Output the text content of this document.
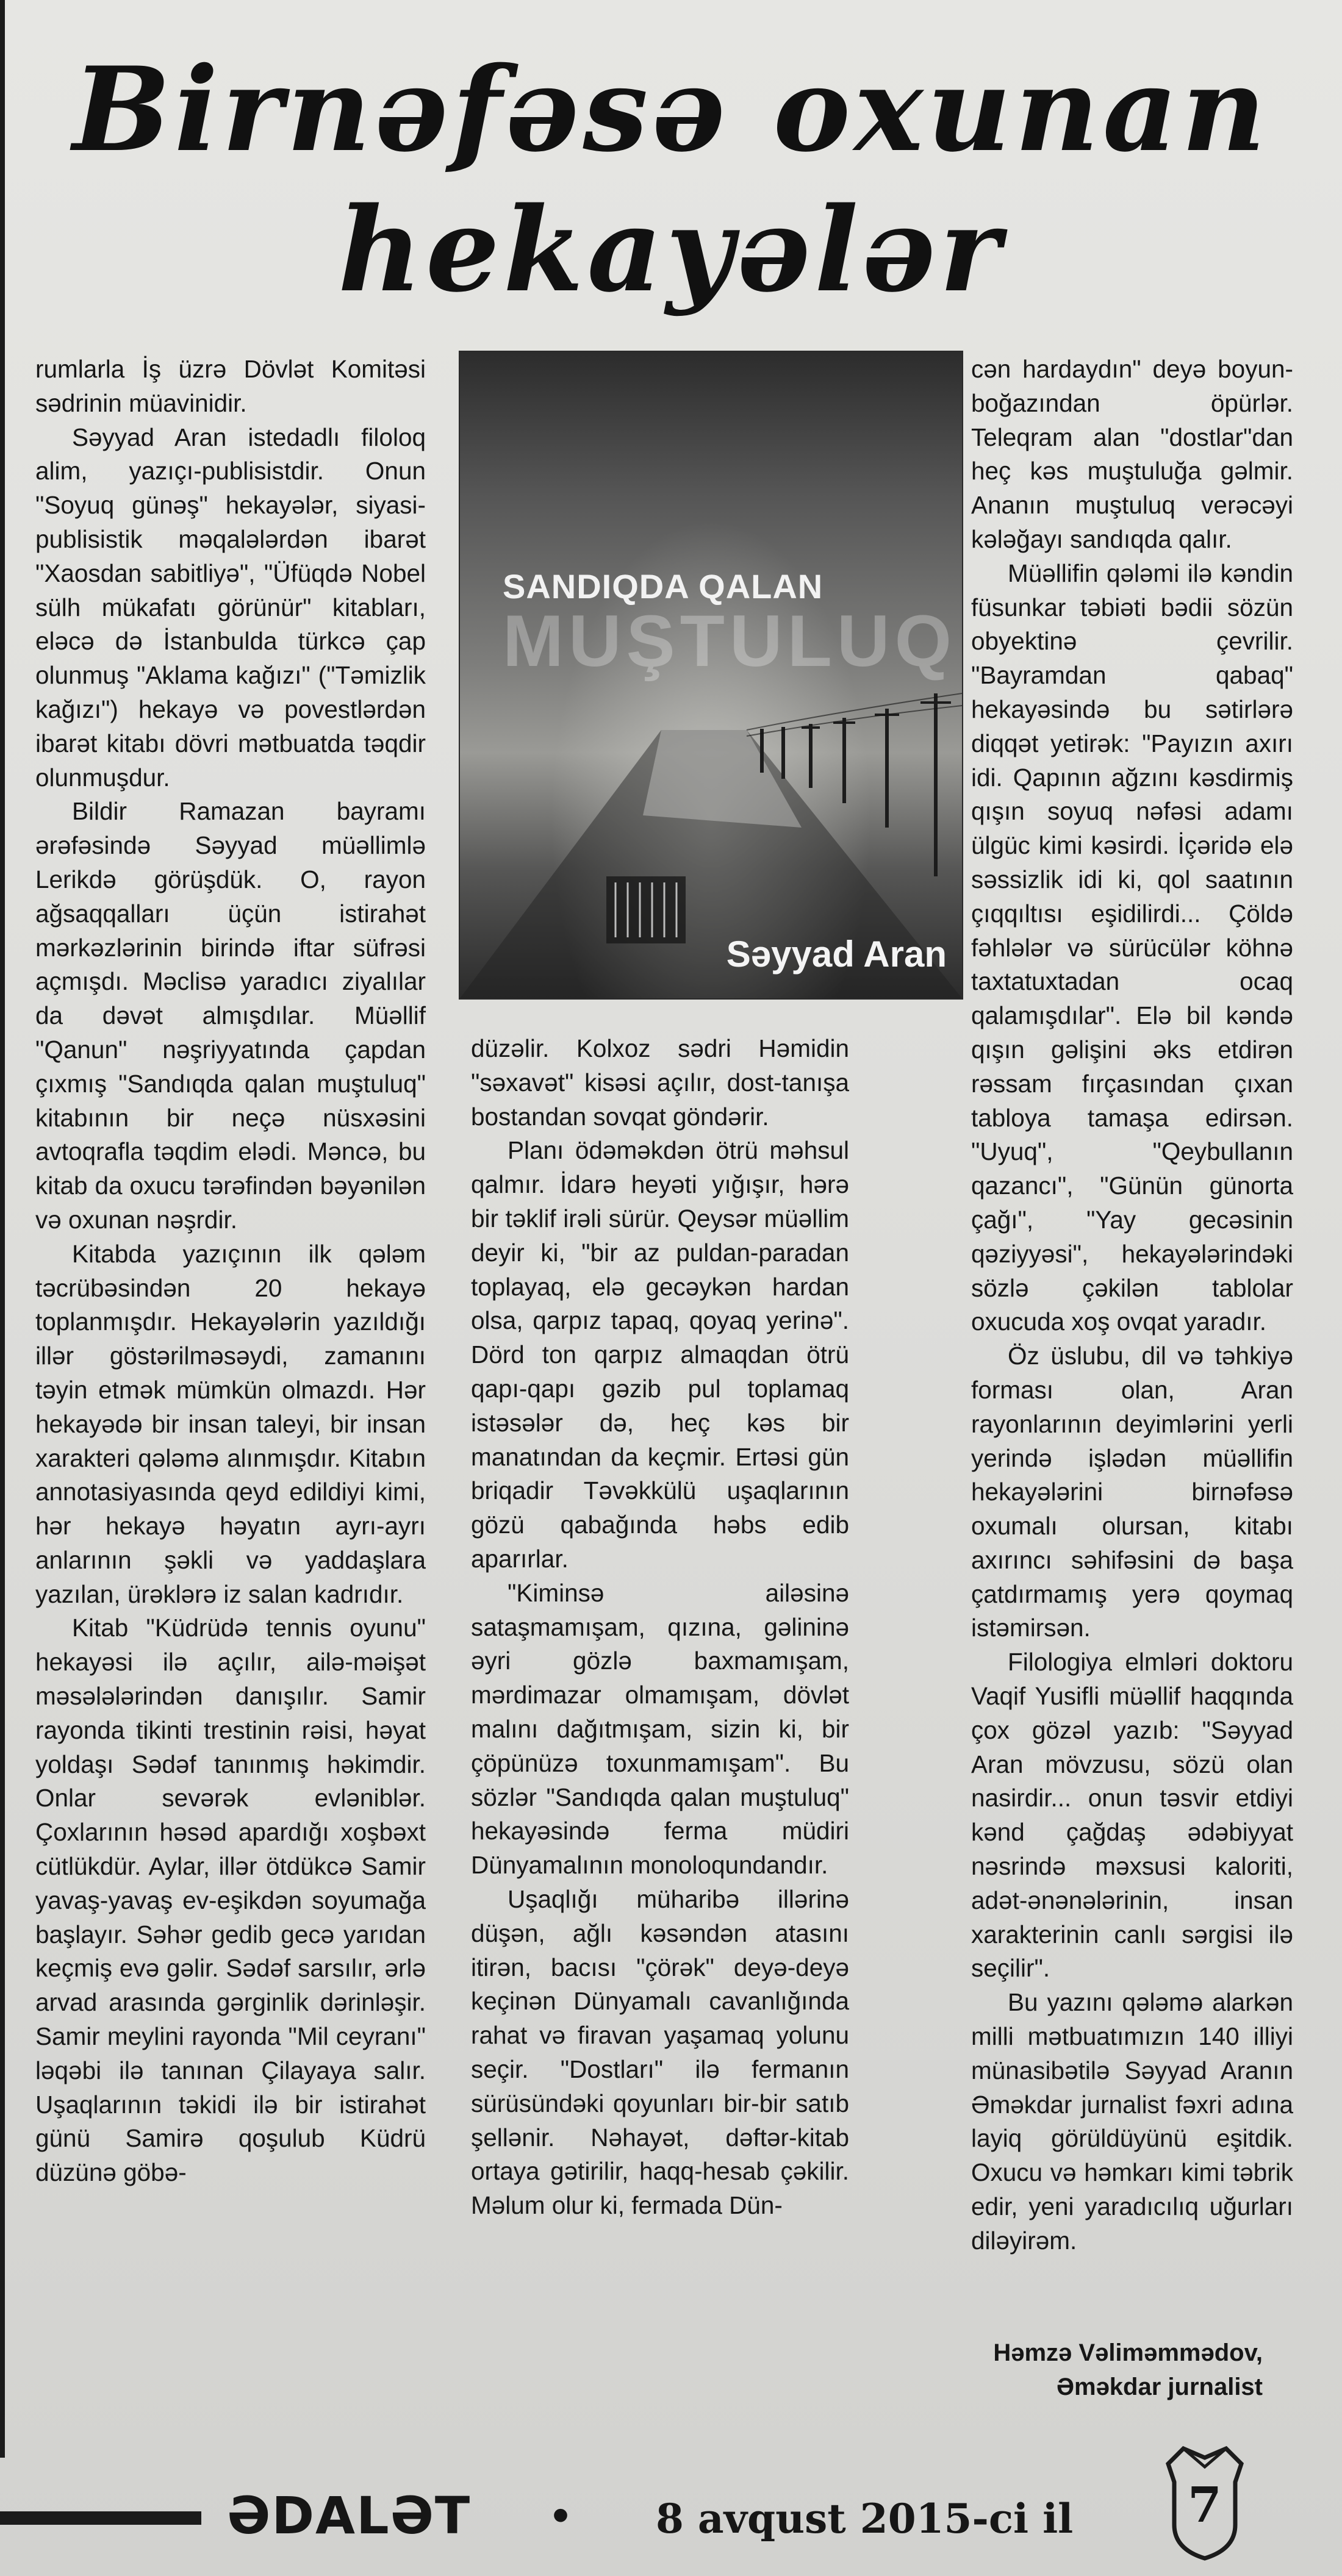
Birnəfəsə oxunan
hekayələr

rumlarla İş üzrə Dövlət Komitəsi sədrinin müavinidir.

Səyyad Aran istedadlı filoloq alim, yazıçı-publisistdir. Onun "Soyuq günəş" hekayələr, siyasi-publisistik məqalələrdən ibarət "Xaosdan sabitliyə", "Üfüqdə Nobel sülh mükafatı görünür" kitabları, eləcə də İstanbulda türkcə çap olunmuş "Aklama kağızı" ("Təmizlik kağızı") hekayə və povestlərdən ibarət kitabı dövri mətbuatda təqdir olunmuşdur.

Bildir Ramazan bayramı ərəfəsində Səyyad müəllimlə Lerikdə görüşdük. O, rayon ağsaqqalları üçün istirahət mərkəzlərinin birində iftar süfrəsi açmışdı. Məclisə yaradıcı ziyalılar da dəvət almışdılar. Müəllif "Qanun" nəşriyyatında çapdan çıxmış "Sandıqda qalan muştuluq" kitabının bir neçə nüsxəsini avtoqrafla təqdim elədi. Məncə, bu kitab da oxucu tərəfindən bəyənilən və oxunan nəşrdir.

Kitabda yazıçının ilk qələm təcrübəsindən 20 hekayə toplanmışdır. Hekayələrin yazıldığı illər göstərilməsəydi, zamanını təyin etmək mümkün olmazdı. Hər hekayədə bir insan taleyi, bir insan xarakteri qələmə alınmışdır. Kitabın annotasiyasında qeyd edildiyi kimi, hər hekayə həyatın ayrı-ayrı anlarının şəkli və yaddaşlara yazılan, ürəklərə iz salan kadrıdır.

Kitab "Küdrüdə tennis oyunu" hekayəsi ilə açılır, ailə-məişət məsələlərindən danışılır. Samir rayonda tikinti trestinin rəisi, həyat yoldaşı Sədəf tanınmış həkimdir. Onlar sevərək evləniblər. Çoxlarının həsəd apardığı xoşbəxt cütlükdür. Aylar, illər ötdükcə Samir yavaş-yavaş ev-eşikdən soyumağa başlayır. Səhər gedib gecə yarıdan keçmiş evə gəlir. Sədəf sarsılır, ərlə arvad arasında gərginlik dərinləşir. Samir meylini rayonda "Mil ceyranı" ləqəbi ilə tanınan Çilayaya salır. Uşaqlarının təkidi ilə bir istirahət günü Samirə qoşulub Küdrü düzünə göbə-

SANDIQDA QALAN
MUŞTULUQ
Səyyad Aran

düzəlir. Kolxoz sədri Həmidin "səxavət" kisəsi açılır, dost-tanışa bostandan sovqat göndərir.

Planı ödəməkdən ötrü məhsul qalmır. İdarə heyəti yığışır, hərə bir təklif irəli sürür. Qeysər müəllim deyir ki, "bir az puldan-paradan toplayaq, elə gecəykən hardan olsa, qarpız tapaq, qoyaq yerinə". Dörd ton qarpız almaqdan ötrü qapı-qapı gəzib pul toplamaq istəsələr də, heç kəs bir manatından da keçmir. Ertəsi gün briqadir Təvəkkülü uşaqlarının gözü qabağında həbs edib aparırlar.

"Kiminsə ailəsinə sataşmamışam, qızına, gəlininə əyri gözlə baxmamışam, mərdimazar olmamışam, dövlət malını dağıtmışam, sizin ki, bir çöpünüzə toxunmamışam". Bu sözlər "Sandıqda qalan muştuluq" hekayəsində ferma müdiri Dünyamalının monoloqundandır.

Uşaqlığı müharibə illərinə düşən, ağlı kəsəndən atasını itirən, bacısı "çörək" deyə-deyə keçinən Dünyamalı cavanlığında rahat və firavan yaşamaq yolunu seçir. "Dostları" ilə fermanın sürüsündəki qoyunları bir-bir satıb şellənir. Nəhayət, dəftər-kitab ortaya gətirilir, haqq-hesab çəkilir. Məlum olur ki, fermada Dün-

cən hardaydın" deyə boyun-boğazından öpürlər. Teleqram alan "dostlar"dan heç kəs muştuluğa gəlmir. Ananın muştuluq verəcəyi kələğayı sandıqda qalır.

Müəllifin qələmi ilə kəndin füsunkar təbiəti bədii sözün obyektinə çevrilir. "Bayramdan qabaq" hekayəsində bu sətirlərə diqqət yetirək: "Payızın axırı idi. Qapının ağzını kəsdirmiş qışın soyuq nəfəsi adamı ülgüc kimi kəsirdi. İçəridə elə səssizlik idi ki, qol saatının çıqqıltısı eşidilirdi... Çöldə fəhlələr və sürücülər köhnə taxtatuxtadan ocaq qalamışdılar". Elə bil kəndə qışın gəlişini əks etdirən rəssam fırçasından çıxan tabloya tamaşa edirsən. "Uyuq", "Qeybullanın qazancı", "Günün günorta çağı", "Yay gecəsinin qəziyyəsi", hekayələrindəki sözlə çəkilən tablolar oxucuda xoş ovqat yaradır.

Öz üslubu, dil və təhkiyə forması olan, Aran rayonlarının deyimlərini yerli yerində işlədən müəllifin hekayələrini birnəfəsə oxumalı olursan, kitabı axırıncı səhifəsini də başa çatdırmamış yerə qoymaq istəmirsən.

Filologiya elmləri doktoru Vaqif Yusifli müəllif haqqında çox gözəl yazıb: "Səyyad Aran mövzusu, sözü olan nasirdir... onun təsvir etdiyi kənd çağdaş ədəbiyyat nəsrində məxsusi kaloriti, adət-ənənələrinin, insan xarakterinin canlı sərgisi ilə seçilir".

Bu yazını qələmə alarkən milli mətbuatımızın 140 illiyi münasibətilə Səyyad Aranın Əməkdar jurnalist fəxri adına layiq görüldüyünü eşitdik. Oxucu və həmkarı kimi təbrik edir, yeni yaradıcılıq uğurları diləyirəm.

Həmzə Vəliməmmədov,
Əməkdar jurnalist
ƏDALƏT • 8 avqust 2015-ci il	7
